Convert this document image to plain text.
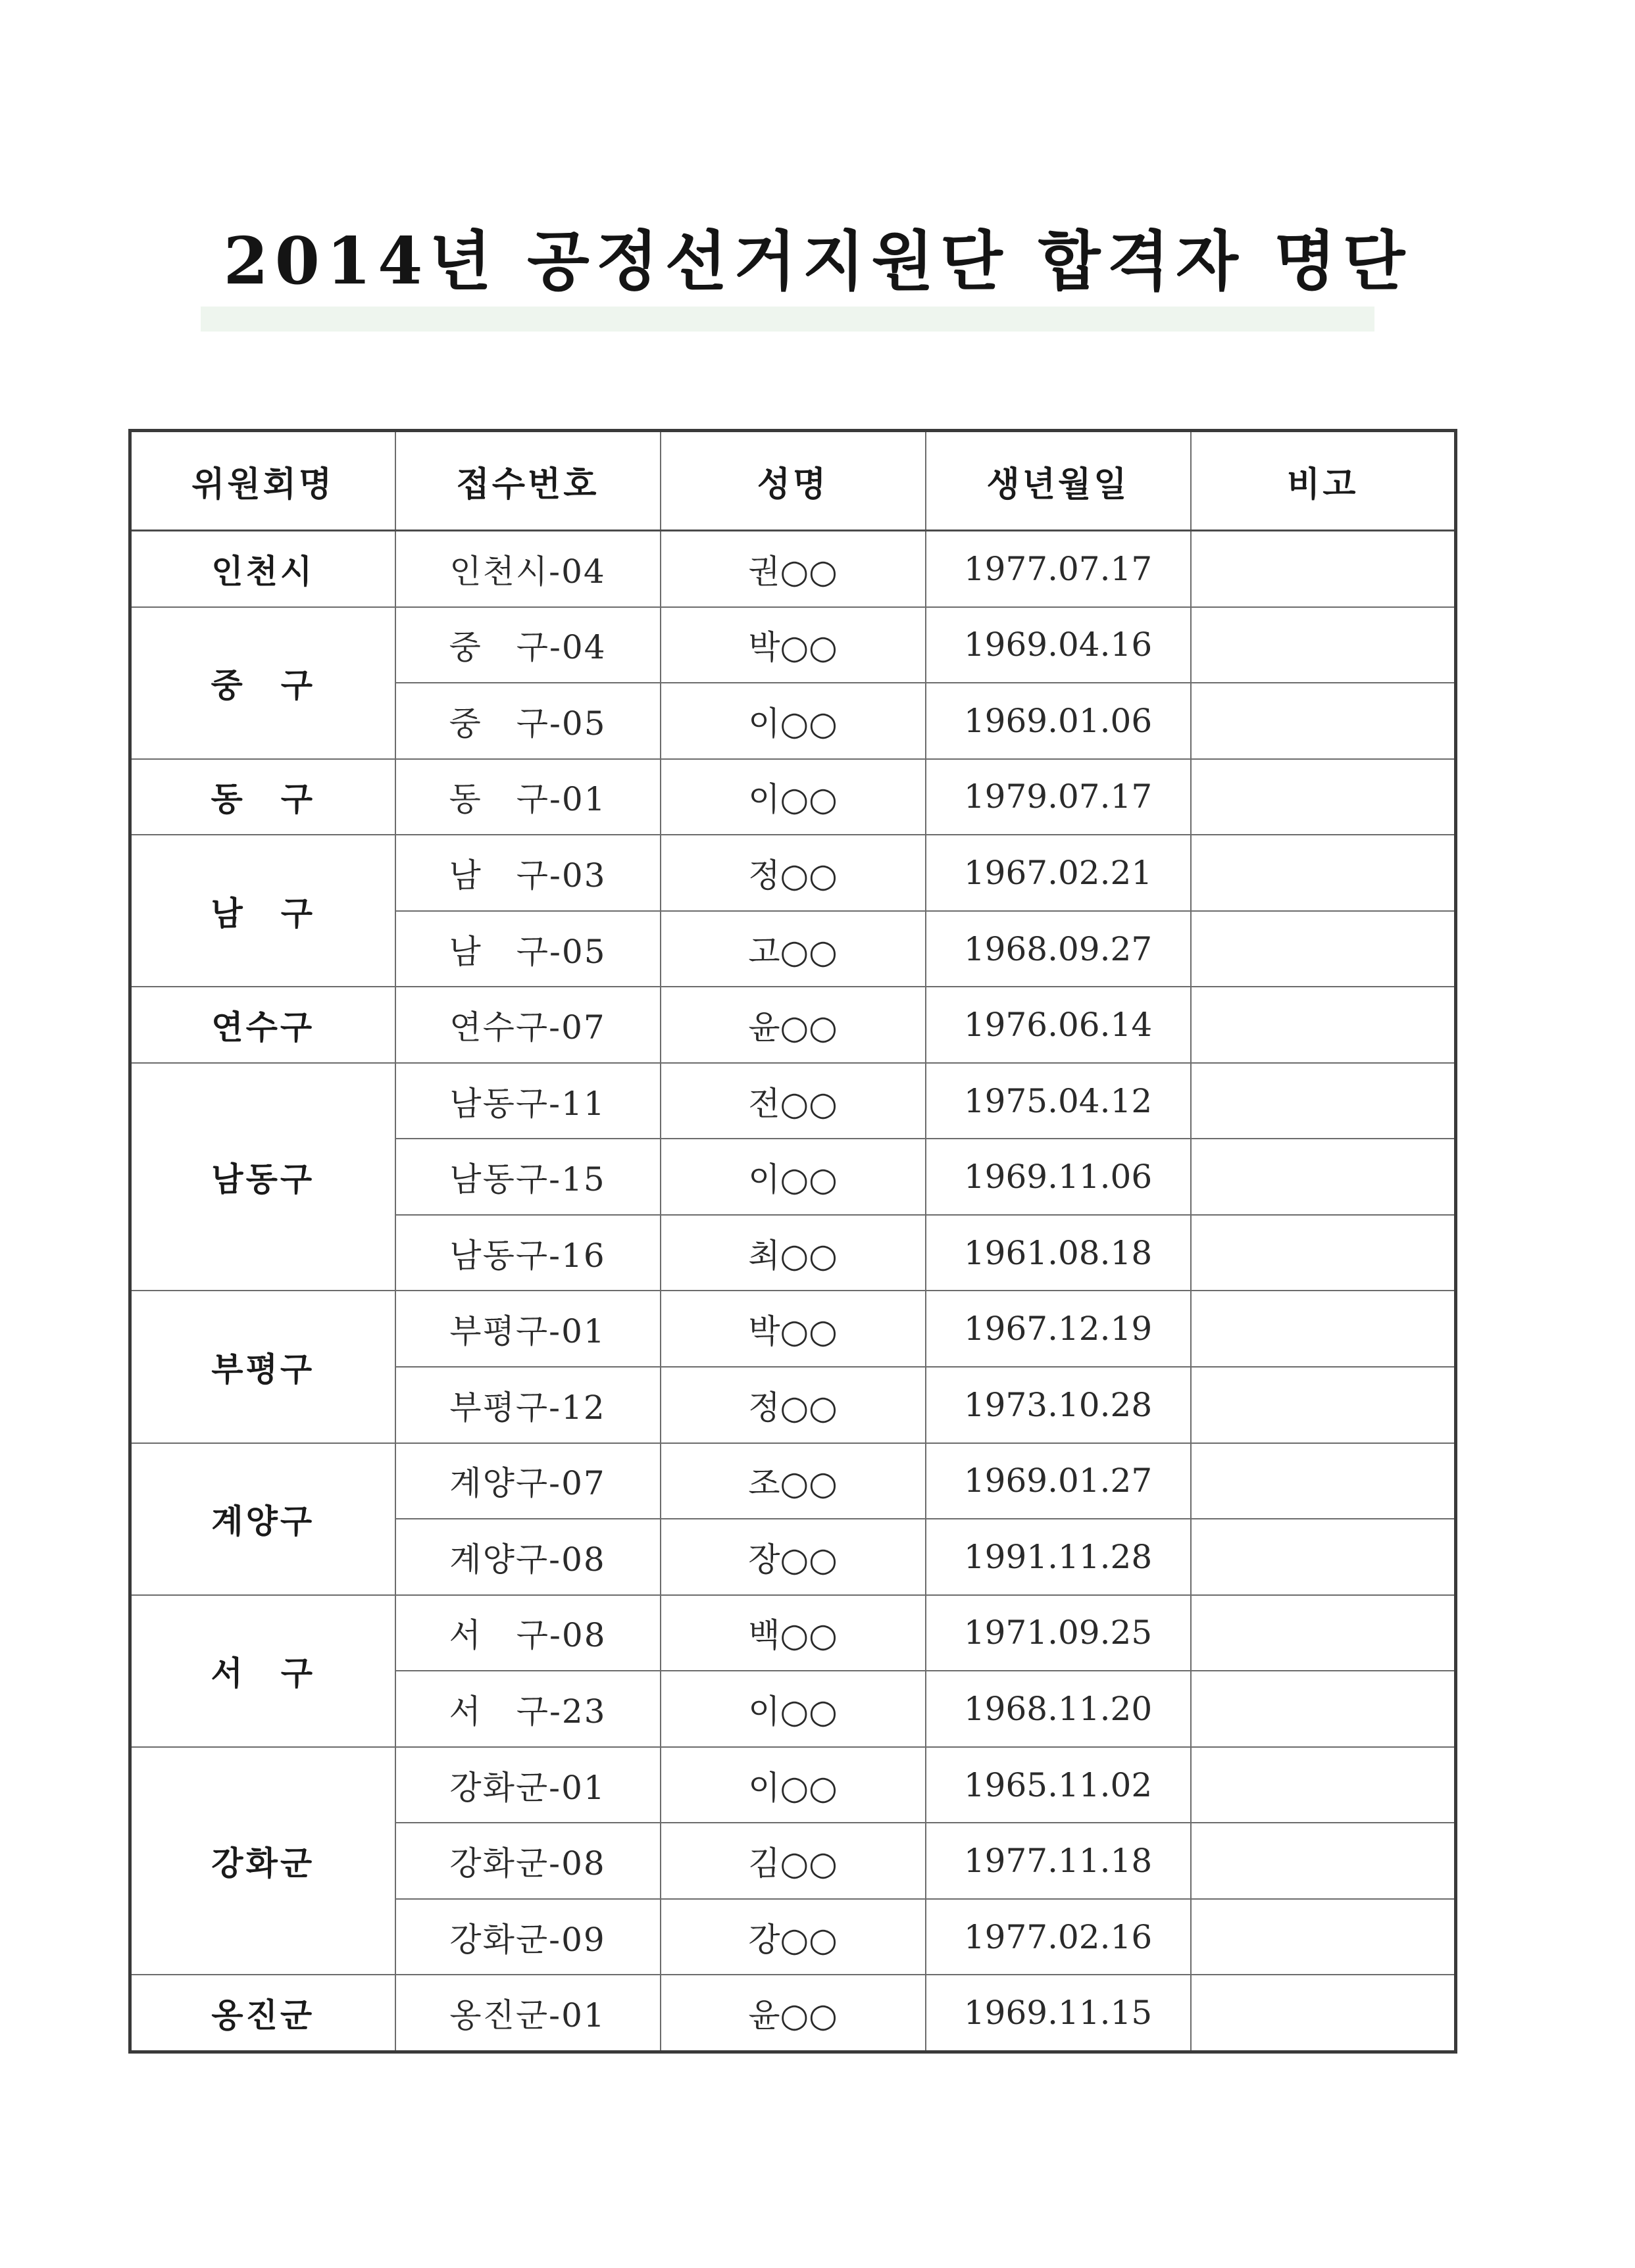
2014년 공정선거지원단 합격자 명단
위원회명	접수번호	성명	생년월일	비고
인천시	인천시-04	권○○	1977.07.17	
중　구	중　구-04	박○○	1969.04.16	
	중　구-05	이○○	1969.01.06	
동　구	동　구-01	이○○	1979.07.17	
남　구	남　구-03	정○○	1967.02.21	
	남　구-05	고○○	1968.09.27	
연수구	연수구-07	윤○○	1976.06.14	
남동구	남동구-11	전○○	1975.04.12	
	남동구-15	이○○	1969.11.06	
	남동구-16	최○○	1961.08.18	
부평구	부평구-01	박○○	1967.12.19	
	부평구-12	정○○	1973.10.28	
계양구	계양구-07	조○○	1969.01.27	
	계양구-08	장○○	1991.11.28	
서　구	서　구-08	백○○	1971.09.25	
	서　구-23	이○○	1968.11.20	
강화군	강화군-01	이○○	1965.11.02	
	강화군-08	김○○	1977.11.18	
	강화군-09	강○○	1977.02.16	
옹진군	옹진군-01	윤○○	1969.11.15	
